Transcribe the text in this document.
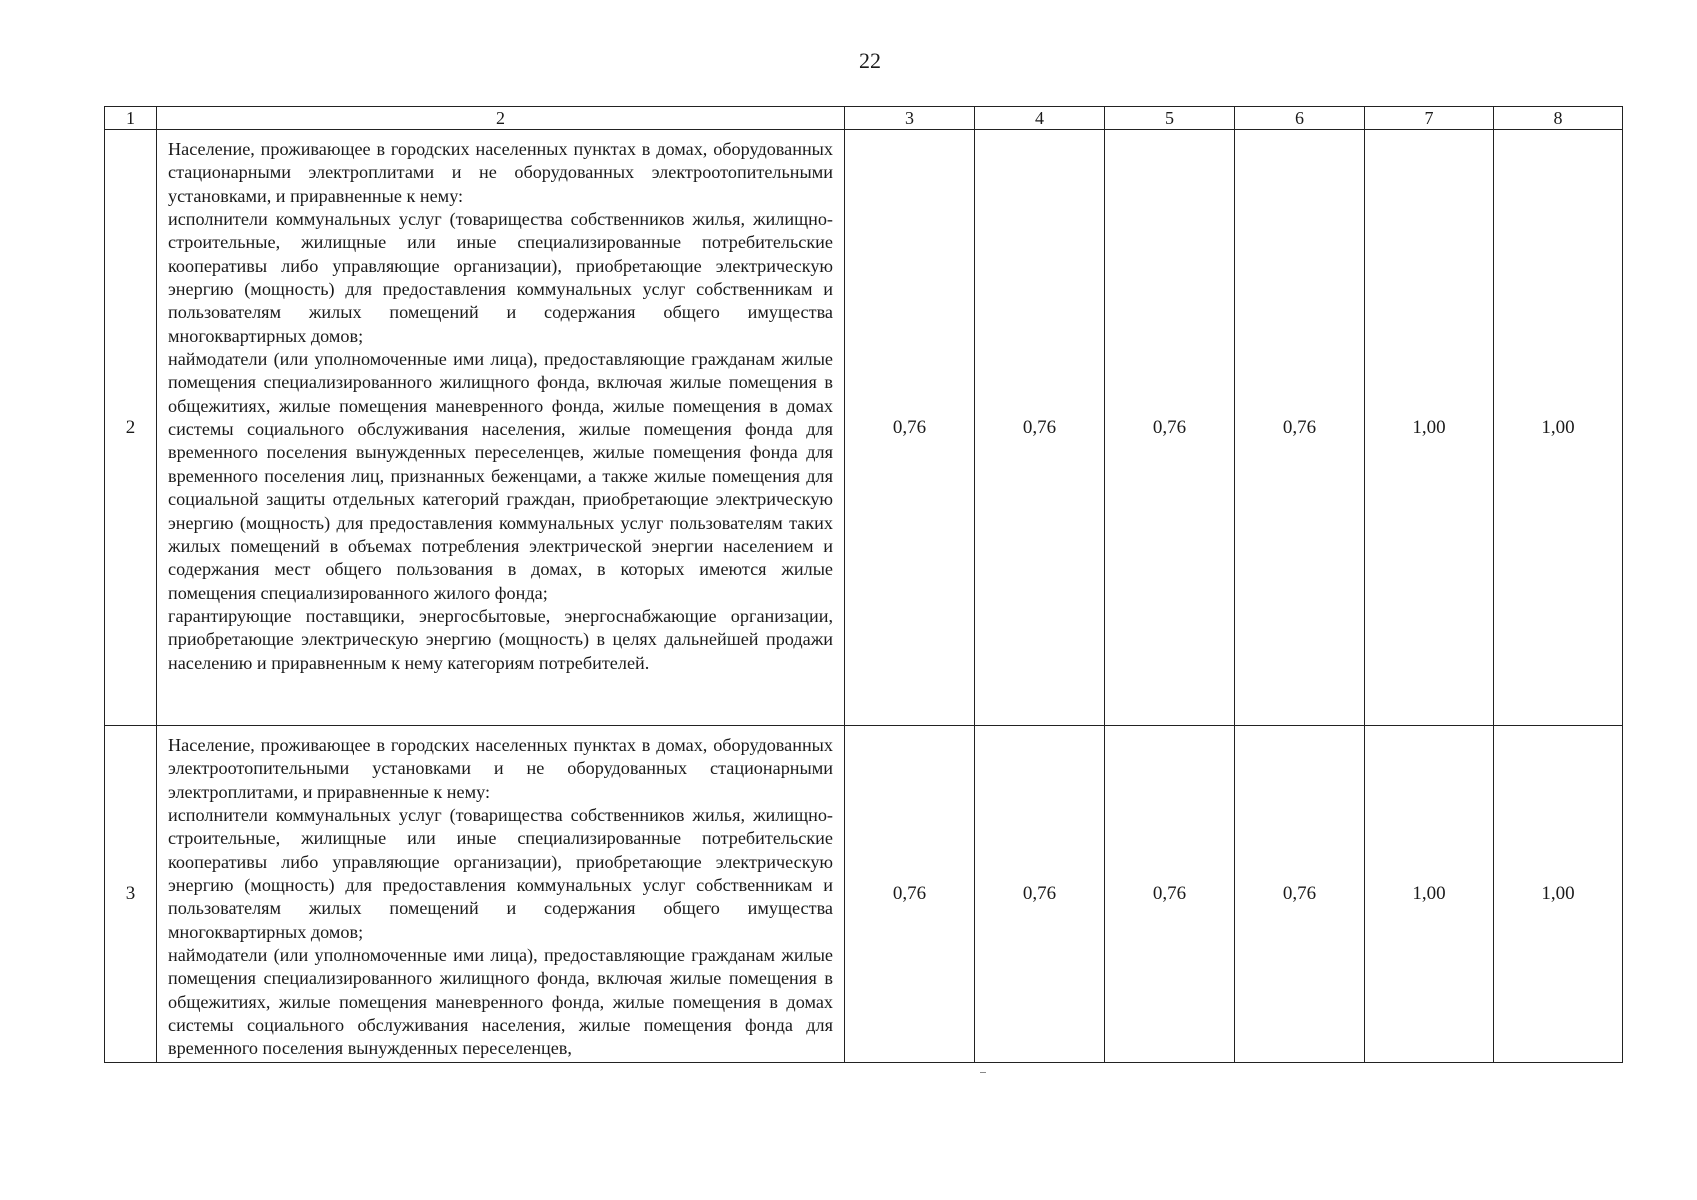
22
1	2	3	4	5	6	7	8
2	Население, проживающее в городских населенных пунктах в домах, оборудованных стационарными электроплитами и не оборудованных электроотопительными установками, и приравненные к нему:

исполнители коммунальных услуг (товарищества собственников жилья, жилищно-строительные, жилищные или иные специализированные потребительские кооперативы либо управляющие организации), приобретающие электрическую энергию (мощность) для предоставления коммунальных услуг собственникам и пользователям жилых помещений и содержания общего имущества многоквартирных домов;

наймодатели (или уполномоченные ими лица), предоставляющие гражданам жилые помещения специализированного жилищного фонда, включая жилые помещения в общежитиях, жилые помещения маневренного фонда, жилые помещения в домах системы социального обслуживания населения, жилые помещения фонда для временного поселения вынужденных переселенцев, жилые помещения фонда для временного поселения лиц, признанных беженцами, а также жилые помещения для социальной защиты отдельных категорий граждан, приобретающие электрическую энергию (мощность) для предоставления коммунальных услуг пользователям таких жилых помещений в объемах потребления электрической энергии населением и содержания мест общего пользования в домах, в которых имеются жилые помещения специализированного жилого фонда;

гарантирующие поставщики, энергосбытовые, энергоснабжающие организации, приобретающие электрическую энергию (мощность) в целях дальнейшей продажи населению и приравненным к нему категориям потребителей.	0,76	0,76	0,76	0,76	1,00	1,00
3	Население, проживающее в городских населенных пунктах в домах, оборудованных электроотопительными установками и не оборудованных стационарными электроплитами, и приравненные к нему:

исполнители коммунальных услуг (товарищества собственников жилья, жилищно-строительные, жилищные или иные специализированные потребительские кооперативы либо управляющие организации), приобретающие электрическую энергию (мощность) для предоставления коммунальных услуг собственникам и пользователям жилых помещений и содержания общего имущества многоквартирных домов;

наймодатели (или уполномоченные ими лица), предоставляющие гражданам жилые помещения специализированного жилищного фонда, включая жилые помещения в общежитиях, жилые помещения маневренного фонда, жилые помещения в домах системы социального обслуживания населения, жилые помещения фонда для временного поселения вынужденных переселенцев,	0,76	0,76	0,76	0,76	1,00	1,00
